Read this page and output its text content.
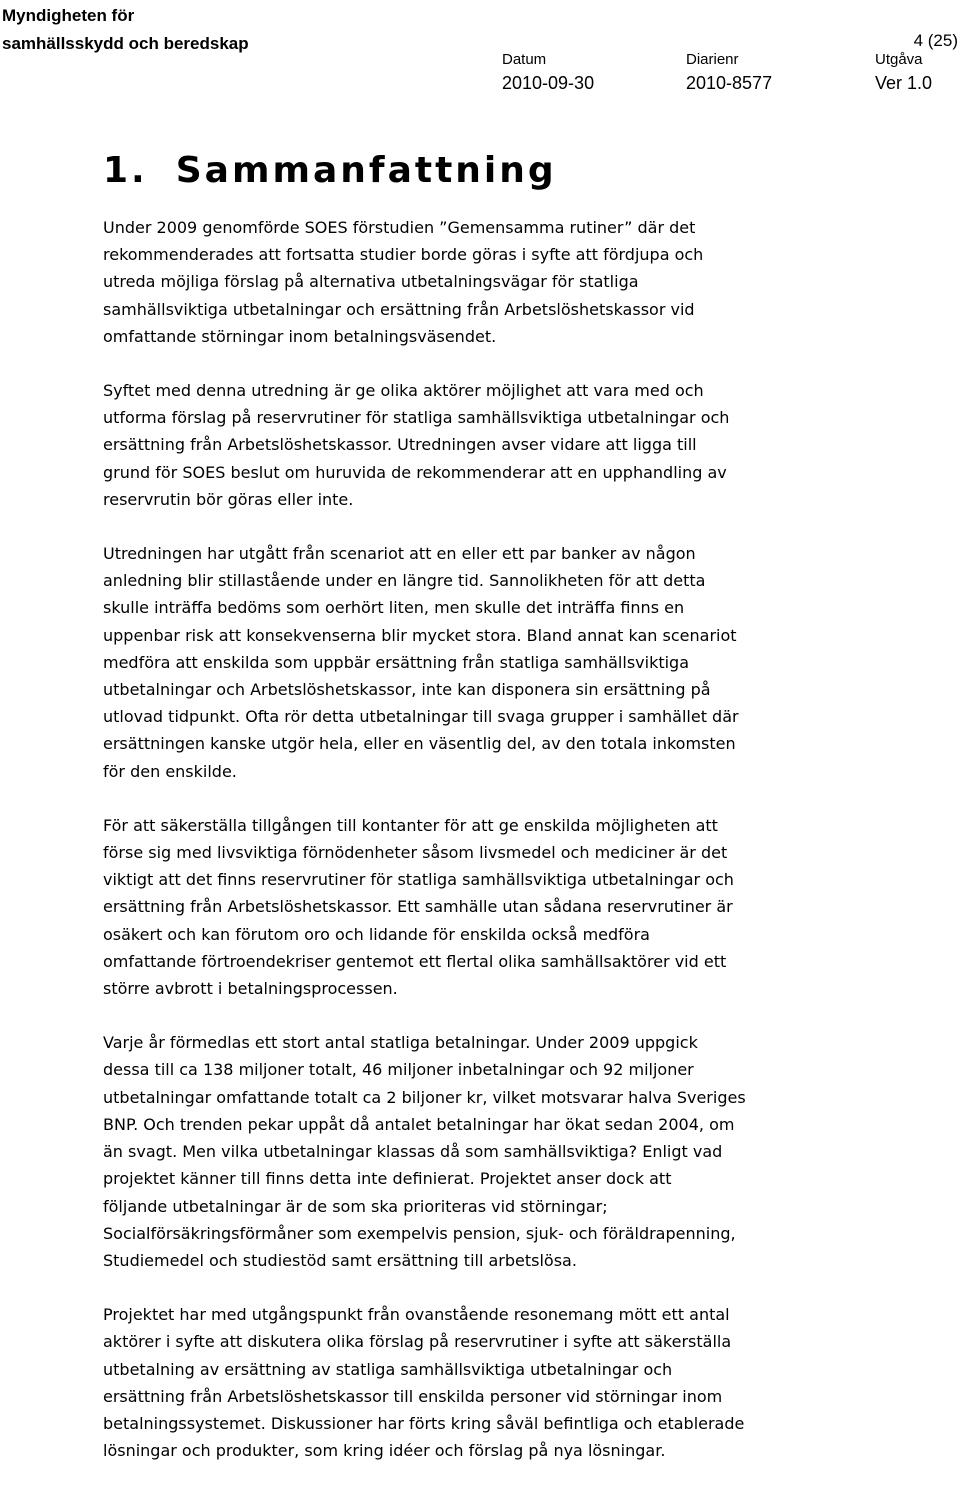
Myndigheten för
samhällsskydd och beredskap	4 (25)
Datum
2010-09-30
Diarienr
2010-8577
Utgåva
Ver 1.0
1. Sammanfattning

Under 2009 genomförde SOES förstudien ”Gemensamma rutiner” där det
rekommenderades att fortsatta studier borde göras i syfte att fördjupa och
utreda möjliga förslag på alternativa utbetalningsvägar för statliga
samhällsviktiga utbetalningar och ersättning från Arbetslöshetskassor vid
omfattande störningar inom betalningsväsendet.

Syftet med denna utredning är ge olika aktörer möjlighet att vara med och
utforma förslag på reservrutiner för statliga samhällsviktiga utbetalningar och
ersättning från Arbetslöshetskassor. Utredningen avser vidare att ligga till
grund för SOES beslut om huruvida de rekommenderar att en upphandling av
reservrutin bör göras eller inte.

Utredningen har utgått från scenariot att en eller ett par banker av någon
anledning blir stillastående under en längre tid. Sannolikheten för att detta
skulle inträffa bedöms som oerhört liten, men skulle det inträffa finns en
uppenbar risk att konsekvenserna blir mycket stora. Bland annat kan scenariot
medföra att enskilda som uppbär ersättning från statliga samhällsviktiga
utbetalningar och Arbetslöshetskassor, inte kan disponera sin ersättning på
utlovad tidpunkt. Ofta rör detta utbetalningar till svaga grupper i samhället där
ersättningen kanske utgör hela, eller en väsentlig del, av den totala inkomsten
för den enskilde.

För att säkerställa tillgången till kontanter för att ge enskilda möjligheten att
förse sig med livsviktiga förnödenheter såsom livsmedel och mediciner är det
viktigt att det finns reservrutiner för statliga samhällsviktiga utbetalningar och
ersättning från Arbetslöshetskassor. Ett samhälle utan sådana reservrutiner är
osäkert och kan förutom oro och lidande för enskilda också medföra
omfattande förtroendekriser gentemot ett flertal olika samhällsaktörer vid ett
större avbrott i betalningsprocessen.

Varje år förmedlas ett stort antal statliga betalningar. Under 2009 uppgick
dessa till ca 138 miljoner totalt, 46 miljoner inbetalningar och 92 miljoner
utbetalningar omfattande totalt ca 2 biljoner kr, vilket motsvarar halva Sveriges
BNP. Och trenden pekar uppåt då antalet betalningar har ökat sedan 2004, om
än svagt. Men vilka utbetalningar klassas då som samhällsviktiga? Enligt vad
projektet känner till finns detta inte definierat. Projektet anser dock att
följande utbetalningar är de som ska prioriteras vid störningar;
Socialförsäkringsförmåner som exempelvis pension, sjuk- och föräldrapenning,
Studiemedel och studiestöd samt ersättning till arbetslösa.

Projektet har med utgångspunkt från ovanstående resonemang mött ett antal
aktörer i syfte att diskutera olika förslag på reservrutiner i syfte att säkerställa
utbetalning av ersättning av statliga samhällsviktiga utbetalningar och
ersättning från Arbetslöshetskassor till enskilda personer vid störningar inom
betalningssystemet. Diskussioner har förts kring såväl befintliga och etablerade
lösningar och produkter, som kring idéer och förslag på nya lösningar.
